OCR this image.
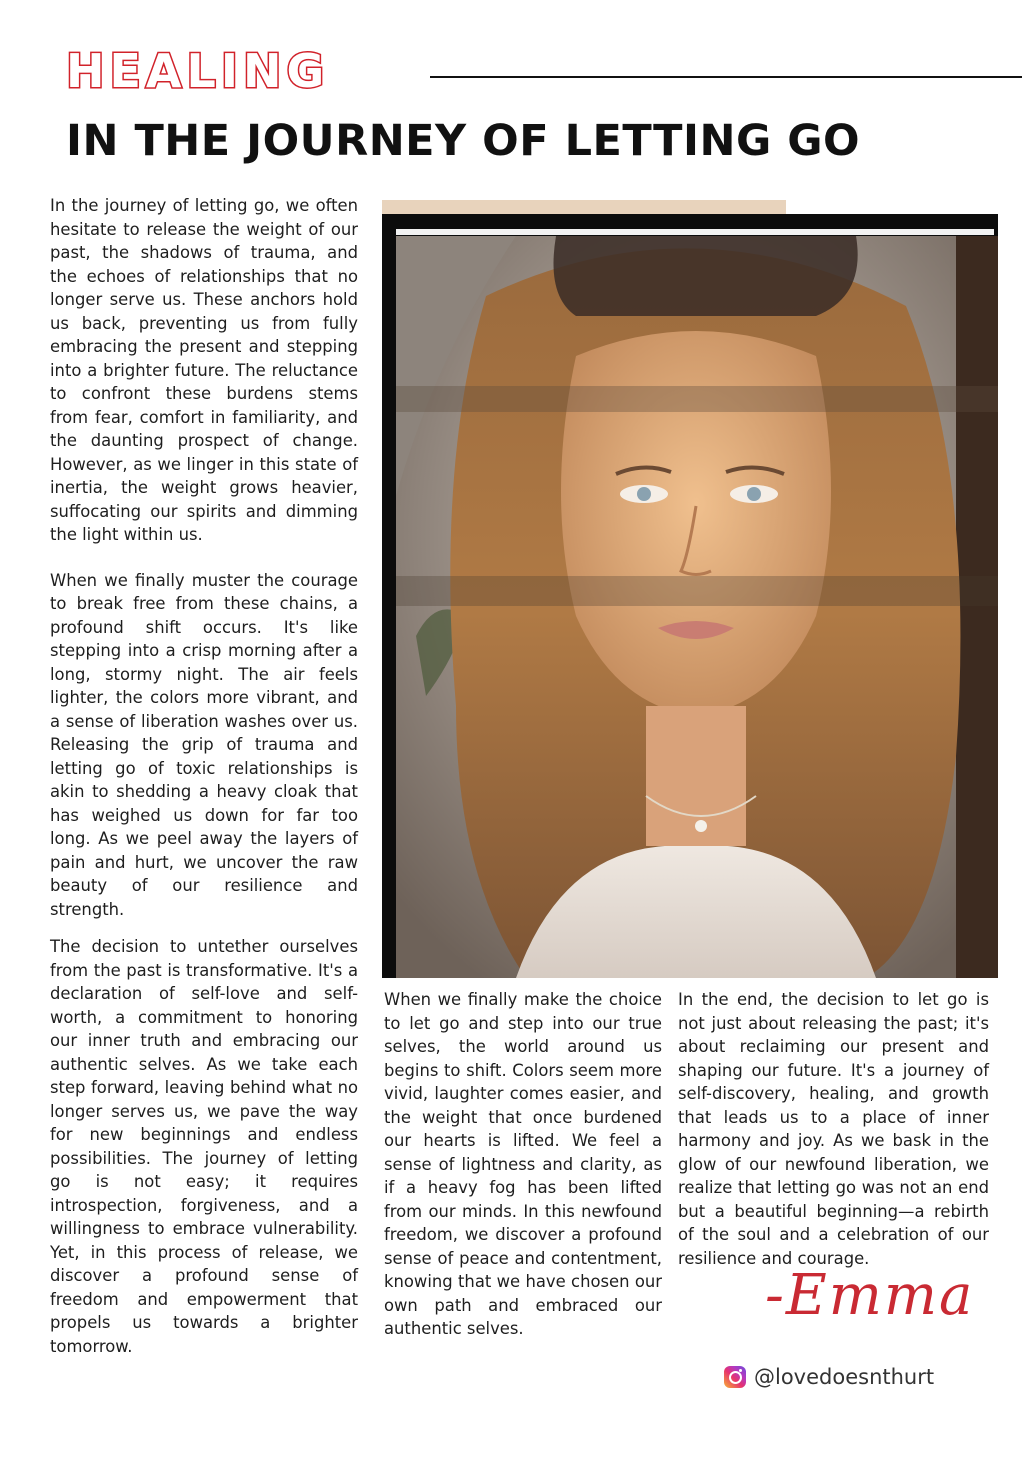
HEALING
IN THE JOURNEY OF LETTING GO

In the journey of letting go, we often hesitate to release the weight of our past, the shadows of trauma, and the echoes of relationships that no longer serve us. These anchors hold us back, preventing us from fully embracing the present and stepping into a brighter future. The reluctance to confront these burdens stems from fear, comfort in familiarity, and the daunting prospect of change. However, as we linger in this state of inertia, the weight grows heavier, suffocating our spirits and dimming the light within us.

When we finally muster the courage to break free from these chains, a profound shift occurs. It's like stepping into a crisp morning after a long, stormy night. The air feels lighter, the colors more vibrant, and a sense of liberation washes over us. Releasing the grip of trauma and letting go of toxic relationships is akin to shedding a heavy cloak that has weighed us down for far too long. As we peel away the layers of pain and hurt, we uncover the raw beauty of our resilience and strength.

The decision to untether ourselves from the past is transformative. It's a declaration of self-love and self-worth, a commitment to honoring our inner truth and embracing our authentic selves. As we take each step forward, leaving behind what no longer serves us, we pave the way for new beginnings and endless possibilities. The journey of letting go is not easy; it requires introspection, forgiveness, and a willingness to embrace vulnerability. Yet, in this process of release, we discover a profound sense of freedom and empowerment that propels us towards a brighter tomorrow.

When we finally make the choice to let go and step into our true selves, the world around us begins to shift. Colors seem more vivid, laughter comes easier, and the weight that once burdened our hearts is lifted. We feel a sense of lightness and clarity, as if a heavy fog has been lifted from our minds. In this newfound freedom, we discover a profound sense of peace and contentment, knowing that we have chosen our own path and embraced our authentic selves.

In the end, the decision to let go is not just about releasing the past; it's about reclaiming our present and shaping our future. It's a journey of self-discovery, healing, and growth that leads us to a place of inner harmony and joy. As we bask in the glow of our newfound liberation, we realize that letting go was not an end but a beautiful beginning—a rebirth of the soul and a celebration of our resilience and courage.

-Emma
@lovedoesnthurt
